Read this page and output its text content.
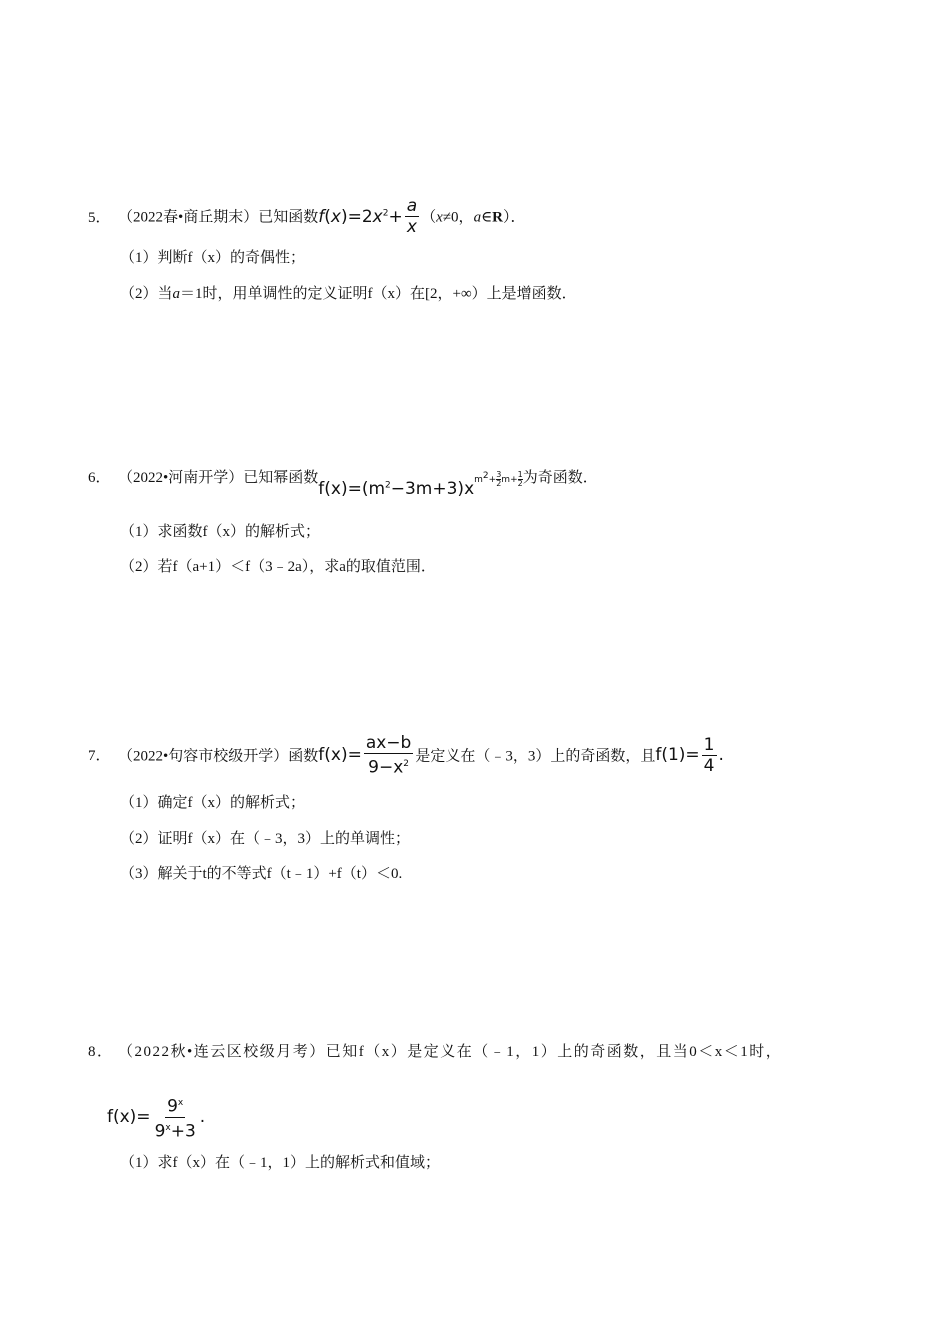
5． （2022春•商丘期末）已知函数$f(x)=2x^2+ \frac{a}{x} (x\ne 0$，a∈R）．
（1）判断f（x）的奇偶性；
（2）当a＝1时，用单调性的定义证明f（x）在[2，+∞）上是增函数．
6． （2022•河南开学）已知幂函数$f(x)=(m^2-3m+3)x^{m^2+ \frac{3}{2} m+ \frac{1}{2}}$ 为奇函数．
（1）求函数f（x）的解析式；
（2）若f（a+1）＜f（3﹣2a），求a的取值范围．
7． （2022•句容市校级开学）函数$f(x)= \frac{ax-b}{9-x^2}$ 是定义在（﹣3，3）上的奇函数，且$f(1)= \frac{1}{4}$ .
（1）确定f（x）的解析式；
（2）证明f（x）在（﹣3，3）上的单调性；
（3）解关于t的不等式f（t﹣1）+f（t）＜0.
8． （2022秋•连云区校级月考）已知f（x）是定义在（﹣1，1）上的奇函数，且当0＜x＜1时，
$f(x)= \frac{9^x}{9^x+3}$ .
（1）求f（x）在（﹣1，1）上的解析式和值域；
